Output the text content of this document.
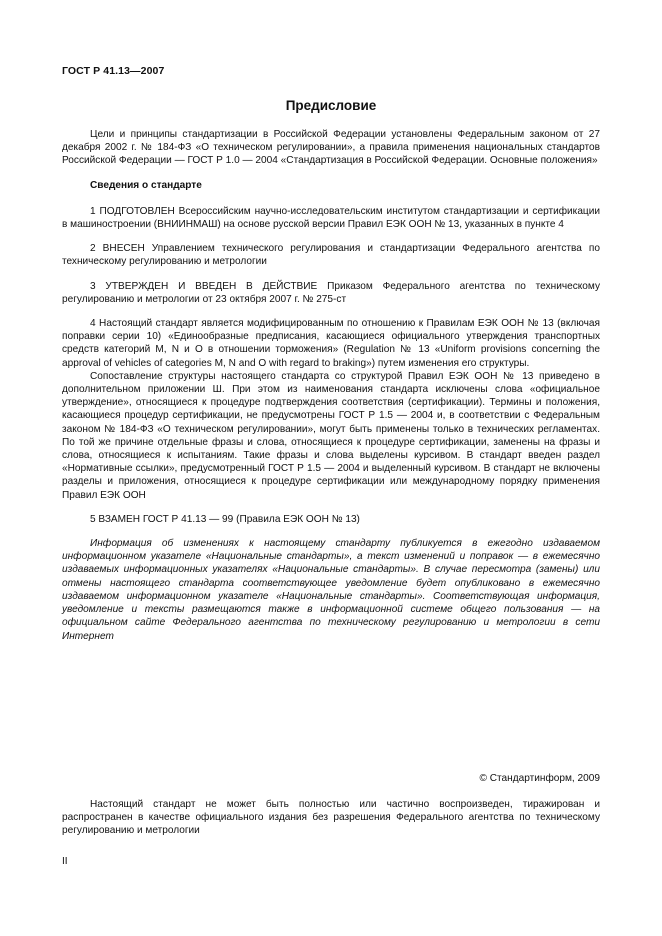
ГОСТ Р 41.13—2007
Предисловие

Цели и принципы стандартизации в Российской Федерации установлены Федеральным законом от 27 декабря 2002 г. № 184-ФЗ «О техническом регулировании», а правила применения национальных стандартов Российской Федерации — ГОСТ Р 1.0 — 2004 «Стандартизация в Российской Федерации. Основные положения»

Сведения о стандарте

1 ПОДГОТОВЛЕН Всероссийским научно-исследовательским институтом стандартизации и сертификации в машиностроении (ВНИИНМАШ) на основе русской версии Правил ЕЭК ООН № 13, указанных в пункте 4

2 ВНЕСЕН Управлением технического регулирования и стандартизации Федерального агентства по техническому регулированию и метрологии

3 УТВЕРЖДЕН И ВВЕДЕН В ДЕЙСТВИЕ Приказом Федерального агентства по техническому регулированию и метрологии от 23 октября 2007 г. № 275-ст

4 Настоящий стандарт является модифицированным по отношению к Правилам ЕЭК ООН № 13 (включая поправки серии 10) «Единообразные предписания, касающиеся официального утверждения транспортных средств категорий М, N и О в отношении торможения» (Regulation № 13 «Uniform provisions concerning the approval of vehicles of categories M, N and O with regard to braking») путем изменения его структуры.

Сопоставление структуры настоящего стандарта со структурой Правил ЕЭК ООН № 13 приведено в дополнительном приложении Ш. При этом из наименования стандарта исключены слова «официальное утверждение», относящиеся к процедуре подтверждения соответствия (сертификации). Термины и положения, касающиеся процедур сертификации, не предусмотрены ГОСТ Р 1.5 — 2004 и, в соответствии с Федеральным законом № 184-ФЗ «О техническом регулировании», могут быть применены только в технических регламентах. По той же причине отдельные фразы и слова, относящиеся к процедуре сертификации, заменены на фразы и слова, относящиеся к испытаниям. Такие фразы и слова выделены курсивом. В стандарт введен раздел «Нормативные ссылки», предусмотренный ГОСТ Р 1.5 — 2004 и выделенный курсивом. В стандарт не включены разделы и приложения, относящиеся к процедуре сертификации или международному порядку применения Правил ЕЭК ООН

5 ВЗАМЕН ГОСТ Р 41.13 — 99 (Правила ЕЭК ООН № 13)

Информация об изменениях к настоящему стандарту публикуется в ежегодно издаваемом информационном указателе «Национальные стандарты», а текст изменений и поправок — в ежемесячно издаваемых информационных указателях «Национальные стандарты». В случае пересмотра (замены) или отмены настоящего стандарта соответствующее уведомление будет опубликовано в ежемесячно издаваемом информационном указателе «Национальные стандарты». Соответствующая информация, уведомление и тексты размещаются также в информационной системе общего пользования — на официальном сайте Федерального агентства по техническому регулированию и метрологии в сети Интернет

© Стандартинформ, 2009

Настоящий стандарт не может быть полностью или частично воспроизведен, тиражирован и распространен в качестве официального издания без разрешения Федерального агентства по техническому регулированию и метрологии

II
